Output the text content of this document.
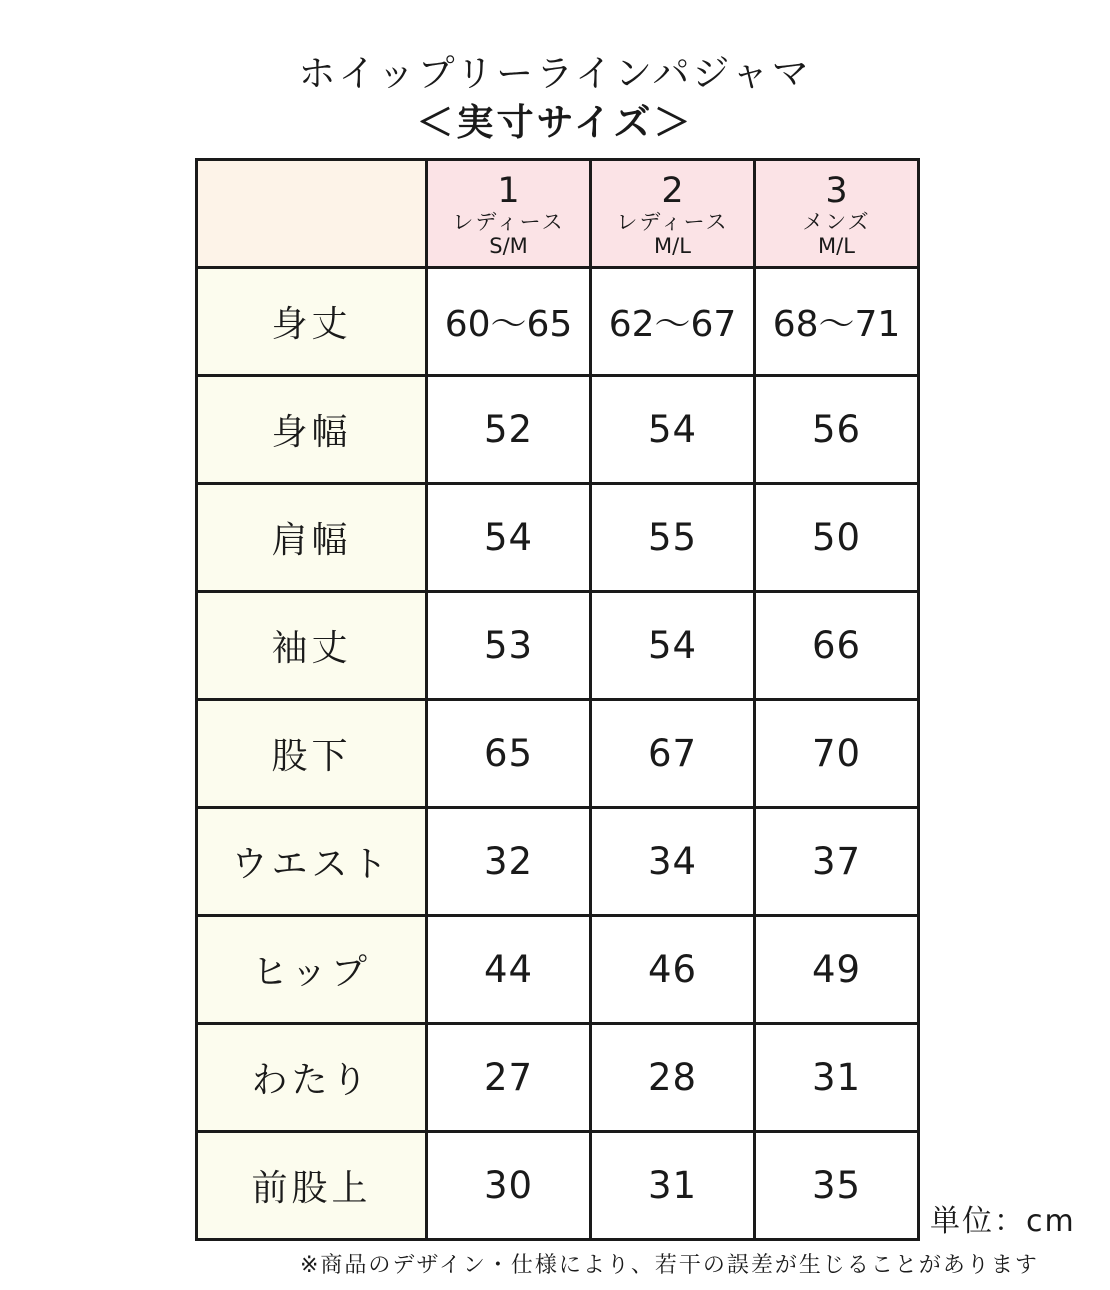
ホイップリーラインパジャマ
＜実寸サイズ＞

	1
レディース
S/M	2
レディース
M/L	3
メンズ
M/L

身丈	60～65	62～67	68～71
身幅	52	54	56
肩幅	54	55	50
袖丈	53	54	66
股下	65	67	70
ウエスト	32	34	37
ヒップ	44	46	49
わたり	27	28	31
前股上	30	31	35
単位：cm
※商品のデザイン・仕様により、若干の誤差が生じることがあります
